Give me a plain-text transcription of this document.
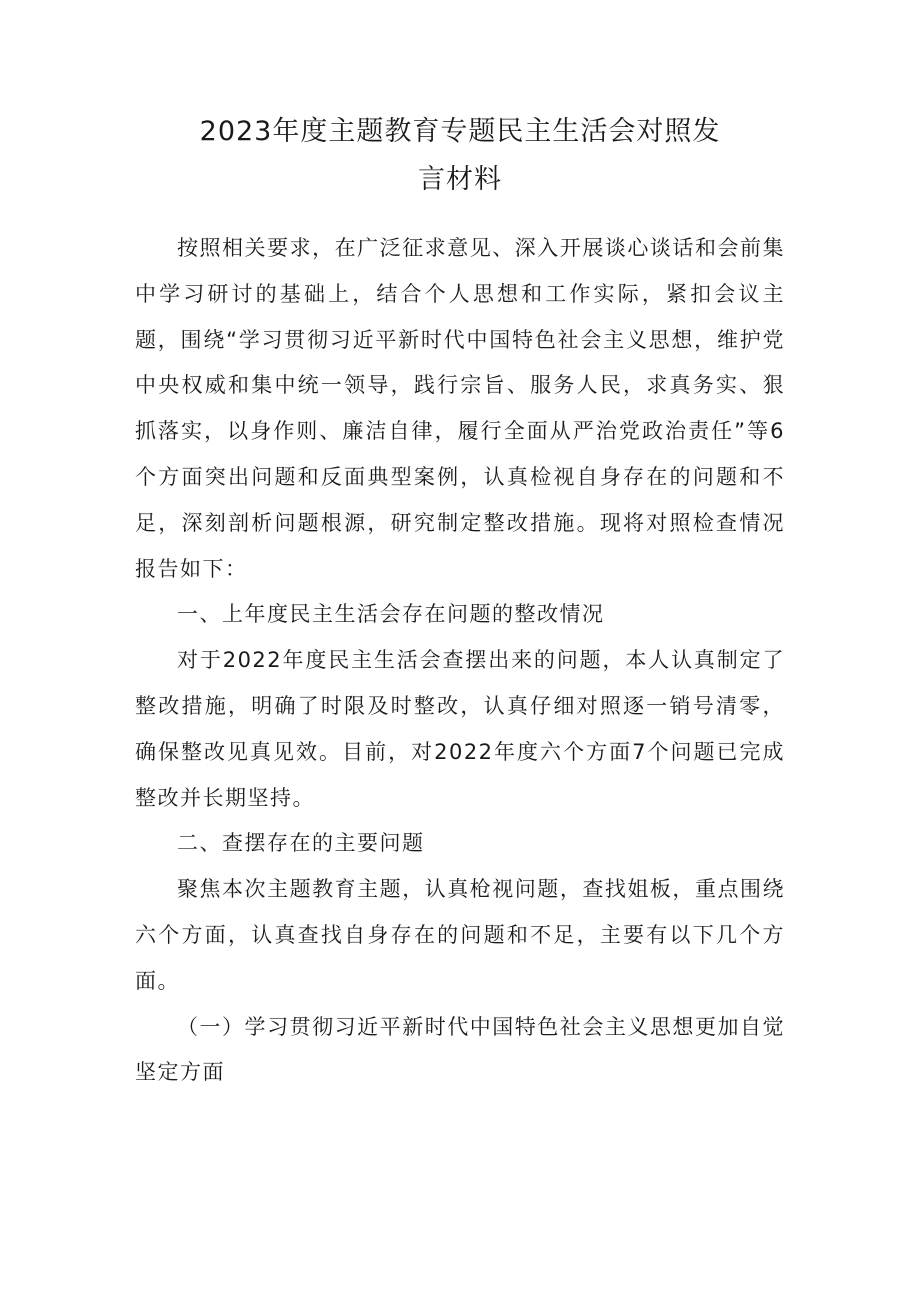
2023年度主题教育专题民主生活会对照发
言材料

按照相关要求，在广泛征求意见、深入开展谈心谈话和会前集中学习研讨的基础上，结合个人思想和工作实际，紧扣会议主题，围绕“学习贯彻习近平新时代中国特色社会主义思想，维护党中央权威和集中统一领导，践行宗旨、服务人民，求真务实、狠抓落实，以身作则、廉洁自律，履行全面从严治党政治责任”等6个方面突出问题和反面典型案例，认真检视自身存在的问题和不足，深刻剖析问题根源，研究制定整改措施。现将对照检查情况报告如下：

一、上年度民主生活会存在问题的整改情况

对于2022年度民主生活会查摆出来的问题，本人认真制定了整改措施，明确了时限及时整改，认真仔细对照逐一销号清零，确保整改见真见效。目前，对2022年度六个方面7个问题已完成整改并长期坚持。

二、查摆存在的主要问题

聚焦本次主题教育主题，认真枪视问题，查找姐板，重点围绕六个方面，认真查找自身存在的问题和不足，主要有以下几个方面。

（一）学习贯彻习近平新时代中国特色社会主义思想更加自觉坚定方面
